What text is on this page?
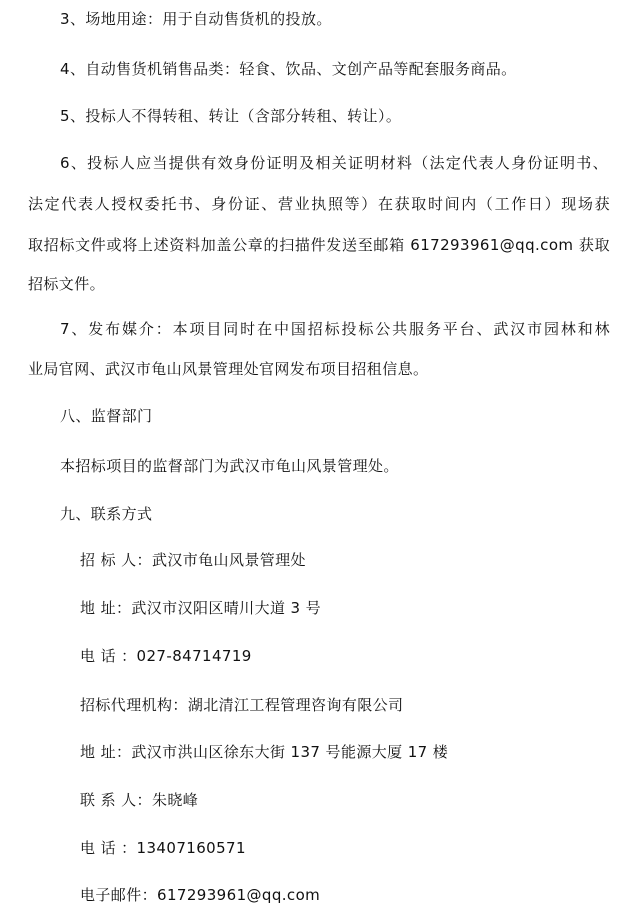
3、场地用途：用于自动售货机的投放。
4、自动售货机销售品类：轻食、饮品、文创产品等配套服务商品。
5、投标人不得转租、转让（含部分转租、转让）。
6、投标人应当提供有效身份证明及相关证明材料（法定代表人身份证明书、
法定代表人授权委托书、身份证、营业执照等）在获取时间内（工作日）现场获
取招标文件或将上述资料加盖公章的扫描件发送至邮箱 617293961@qq.com 获取
招标文件。
7、发布媒介：本项目同时在中国招标投标公共服务平台、武汉市园林和林
业局官网、武汉市龟山风景管理处官网发布项目招租信息。
八、监督部门
本招标项目的监督部门为武汉市龟山风景管理处。
九、联系方式
招 标 人：武汉市龟山风景管理处
地 址：武汉市汉阳区晴川大道 3 号
电 话 ：027-84714719
招标代理机构：湖北清江工程管理咨询有限公司
地 址：武汉市洪山区徐东大街 137 号能源大厦 17 楼
联 系 人：朱晓峰
电 话 ：13407160571
电子邮件：617293961@qq.com
